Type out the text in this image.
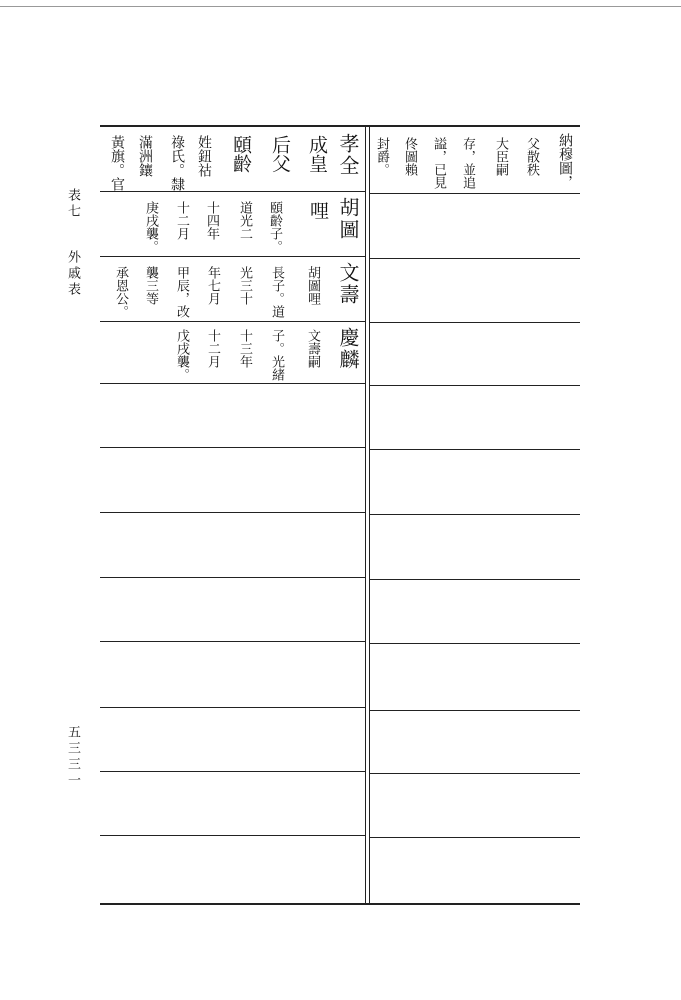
表七
外戚表
五三三一
孝全
成皇
后父
頤齡
姓鈕祜
祿氏。隸
滿洲鑲
黃旗。官
胡圖
哩
頤齡子。
道光二
十四年
十二月
庚戌襲。
文壽
胡圖哩
長子。道
光三十
年七月
甲辰，改
襲三等
承恩公。
慶麟
文壽嗣
子。光緒
十三年
十二月
戊戌襲。
納穆圖，
父散秩
大臣嗣
存，並追
謚，已見
佟圖賴
封爵。
